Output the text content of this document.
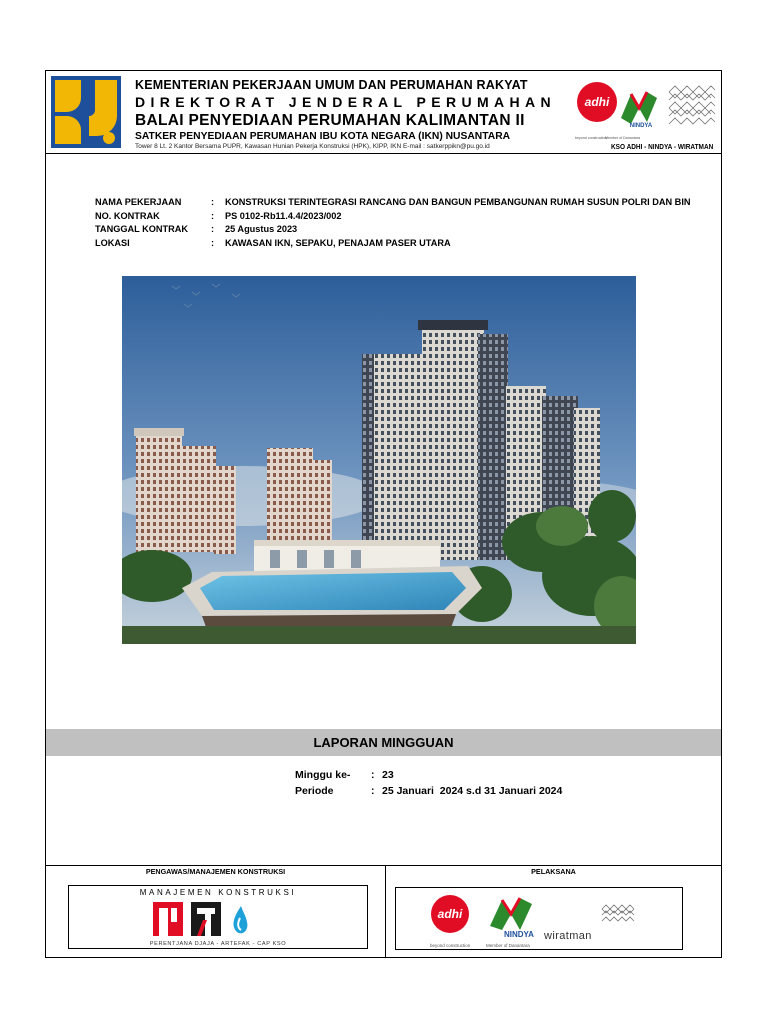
KEMENTERIAN PEKERJAAN UMUM DAN PERUMAHAN RAKYAT
DIREKTORAT JENDERAL PERUMAHAN
BALAI PENYEDIAAN PERUMAHAN KALIMANTAN II
SATKER PENYEDIAAN PERUMAHAN IBU KOTA NEGARA (IKN) NUSANTARA
Tower 8 Lt. 2 Kantor Bersama PUPR, Kawasan Hunian Pekerja Konstruksi (HPK), KIPP, IKN E-mail : satkerppikn@pu.go.id
adhi
NINDYA
beyond construction
Member of Danantara
KSO ADHI - NINDYA - WIRATMAN
NAMA PEKERJAAN	:	KONSTRUKSI TERINTEGRASI RANCANG DAN BANGUN PEMBANGUNAN RUMAH SUSUN POLRI DAN BIN
NO. KONTRAK	:	PS 0102-Rb11.4.4/2023/002
TANGGAL KONTRAK	:	25 Agustus 2023
LOKASI	:	KAWASAN IKN, SEPAKU, PENAJAM PASER UTARA
LAPORAN MINGGUAN
Minggu ke-	: 23
Periode	: 25 Januari  2024 s.d 31 Januari 2024
PENGAWAS/MANAJEMEN KONSTRUKSI	PELAKSANA
MANAJEMEN KONSTRUKSI
PERENTJANA DJAJA - ARTEFAK - CAP KSO
adhi
beyond construction	Member of Danantara
NINDYA wiratman
